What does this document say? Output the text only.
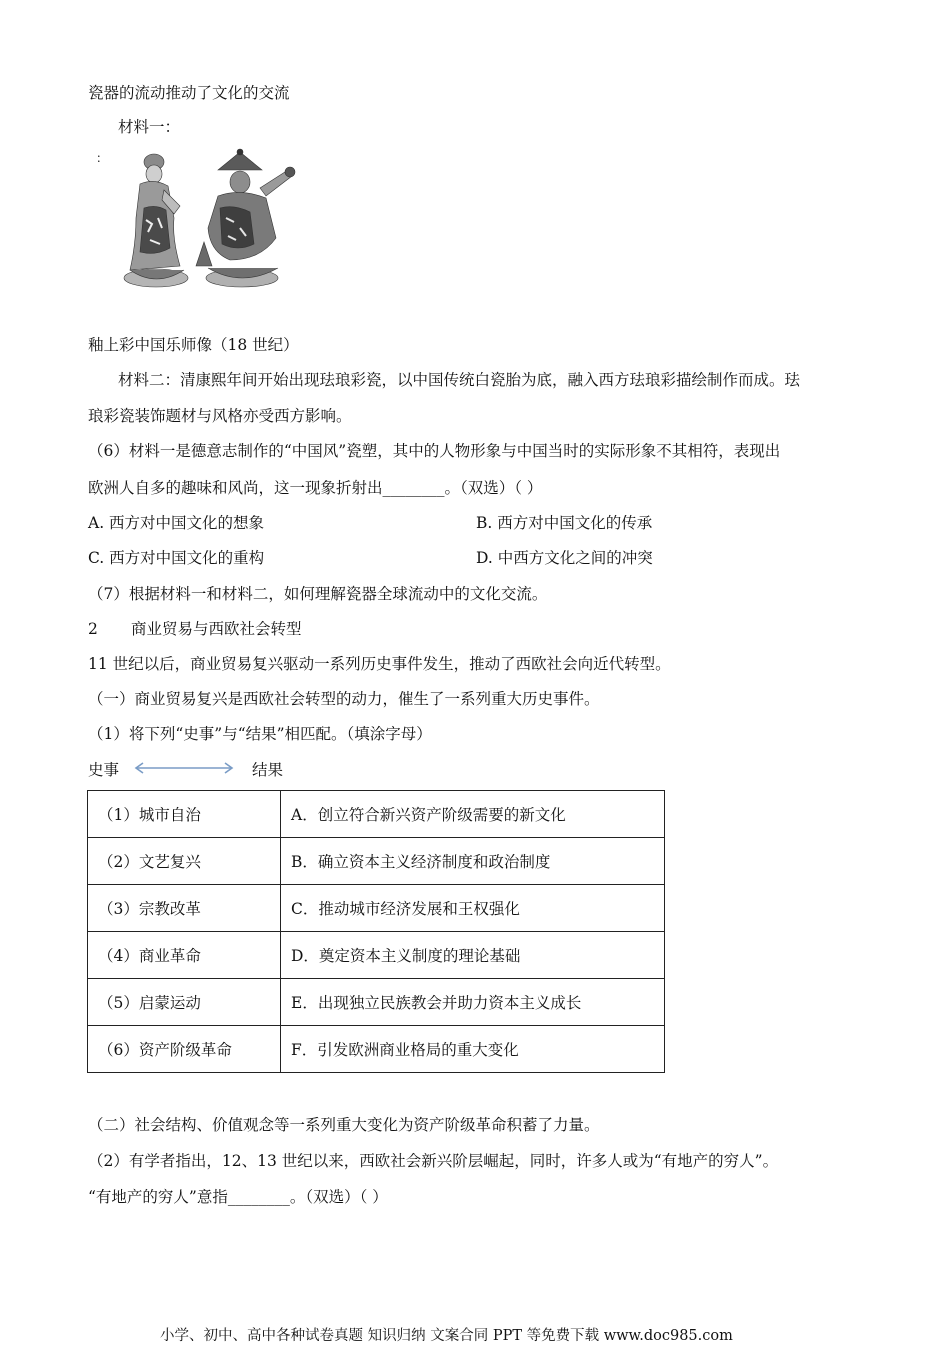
瓷器的流动推动了文化的交流
材料一：
：
釉上彩中国乐师像（18 世纪）
材料二：清康熙年间开始出现珐琅彩瓷，以中国传统白瓷胎为底，融入西方珐琅彩描绘制作而成。珐
琅彩瓷装饰题材与风格亦受西方影响。
（6）材料一是德意志制作的“中国风”瓷塑，其中的人物形象与中国当时的实际形象不其相符，表现出
欧洲人自多的趣味和风尚，这一现象折射出________。（双选）（ ）
A. 西方对中国文化的想象	B. 西方对中国文化的传承
C. 西方对中国文化的重构	D. 中西方文化之间的冲突
（7）根据材料一和材料二，如何理解瓷器全球流动中的文化交流。
2 商业贸易与西欧社会转型
11 世纪以后，商业贸易复兴驱动一系列历史事件发生，推动了西欧社会向近代转型。
（一）商业贸易复兴是西欧社会转型的动力，催生了一系列重大历史事件。
（1）将下列“史事”与“结果”相匹配。（填涂字母）
史事	结果
（1）城市自治	A．创立符合新兴资产阶级需要的新文化
（2）文艺复兴	B．确立资本主义经济制度和政治制度
（3）宗教改革	C．推动城市经济发展和王权强化
（4）商业革命	D．奠定资本主义制度的理论基础
（5）启蒙运动	E．出现独立民族教会并助力资本主义成长
（6）资产阶级革命	F．引发欧洲商业格局的重大变化
（二）社会结构、价值观念等一系列重大变化为资产阶级革命积蓄了力量。
（2）有学者指出，12、13 世纪以来，西欧社会新兴阶层崛起，同时，许多人或为“有地产的穷人”。
“有地产的穷人”意指________。（双选）（ ）
小学、初中、高中各种试卷真题 知识归纳 文案合同 PPT 等免费下载 www.doc985.com
